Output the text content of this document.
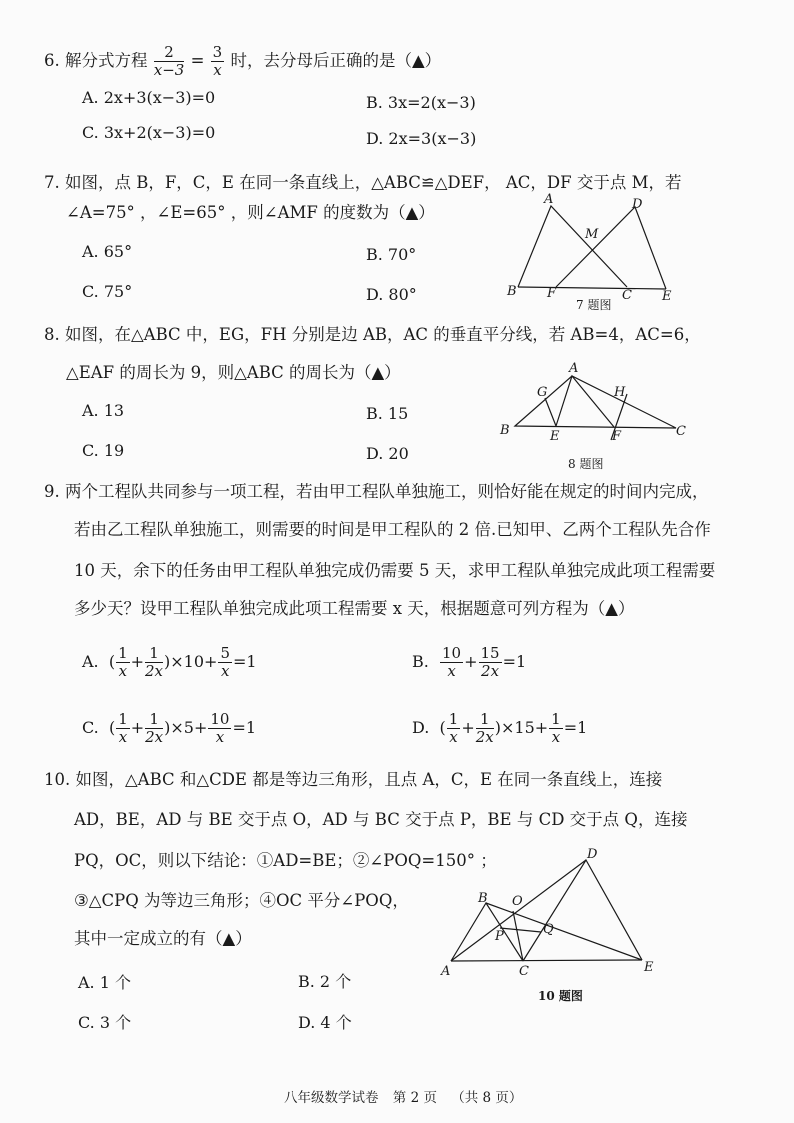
6. 解分式方程 $\frac{2}{x-3} = \frac{3}{x}$ 时，去分母后正确的是（▲）
A. 2x+3(x−3)=0	B. 3x=2(x−3)
C. 3x+2(x−3)=0	D. 2x=3(x−3)
7. 如图，点 B，F，C，E 在同一条直线上，△ABC≌△DEF， AC，DF 交于点 M，若
∠A=75° ，∠E=65° ，则∠AMF 的度数为（▲）
A. 65°	B. 70°
C. 75°	D. 80°
A	D
M
B F	C E
7 题图
8. 如图，在△ABC 中，EG，FH 分别是边 AB，AC 的垂直平分线，若 AB=4，AC=6，
△EAF 的周长为 9，则△ABC 的周长为（▲）
A. 13	B. 15
C. 19	D. 20
A
G	H
B	E	F	C
8 题图
9. 两个工程队共同参与一项工程，若由甲工程队单独施工，则恰好能在规定的时间内完成，
若由乙工程队单独施工，则需要的时间是甲工程队的 2 倍.已知甲、乙两个工程队先合作
10 天，余下的任务由甲工程队单独完成仍需要 5 天，求甲工程队单独完成此项工程需要
多少天？设甲工程队单独完成此项工程需要 x 天，根据题意可列方程为（▲）
A. ( $\frac{1}{x} + \frac{1}{2x} )\times 10+ \frac{5}{x} =1$	B. $\frac{10}{x} + \frac{15}{2x} =1$
C. ( $\frac{1}{x} + \frac{1}{2x} )\times 5+ \frac{10}{x} =1$	D. ( $\frac{1}{x} + \frac{1}{2x} )\times 15+ \frac{1}{x} =1$
10. 如图，△ABC 和△CDE 都是等边三角形，且点 A，C，E 在同一条直线上，连接
AD，BE，AD 与 BE 交于点 O，AD 与 BC 交于点 P，BE 与 CD 交于点 Q，连接
PQ，OC，则以下结论：①AD=BE；②∠POQ=150° ；
③△CPQ 为等边三角形；④OC 平分∠POQ，
其中一定成立的有（▲）
A. 1 个	B. 2 个
C. 3 个	D. 4 个
D
B O
P	Q
A	C	E
10 题图
八年级数学试卷 第 2 页 （共 8 页）
